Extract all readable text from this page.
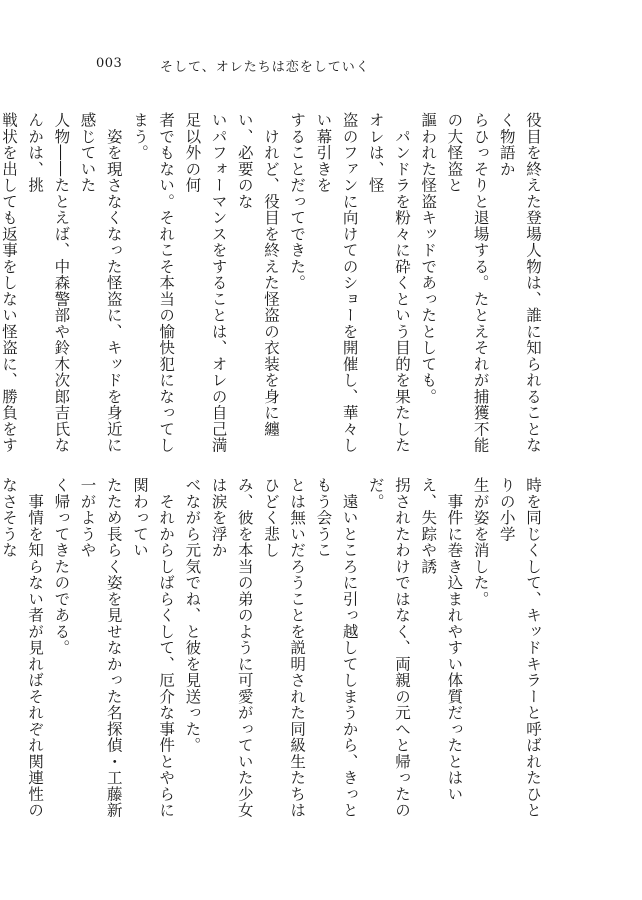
003	そして、オレたちは恋をしていく

役目を終えた登場人物は、誰に知られることなく物語か
らひっそりと退場する。たとえそれが捕獲不能の大怪盗と
謳われた怪盗キッドであったとしても。

　パンドラを粉々に砕くという目的を果たしたオレは、怪
盗のファンに向けてのショーを開催し、華々しい幕引きを
することだってできた。

　けれど、役目を終えた怪盗の衣装を身に纏い、必要のな
いパフォーマンスをすることは、オレの自己満足以外の何
者でもない。それこそ本当の愉快犯になってしまう。

　姿を現さなくなった怪盗に、キッドを身近に感じていた
人物――たとえば、中森警部や鈴木次郎吉氏なんかは、挑
戦状を出しても返事をしない怪盗に、勝負をす

時を同じくして、キッドキラーと呼ばれたひとりの小学
生が姿を消した。

　事件に巻き込まれやすい体質だったとはいえ、失踪や誘
拐されたわけではなく、両親の元へと帰ったのだ。

　遠いところに引っ越してしまうから、きっともう会うこ
とは無いだろうことを説明された同級生たちはひどく悲し
み、彼を本当の弟のように可愛がっていた少女は涙を浮か
べながら元気でね、と彼を見送った。

　それからしばらくして、厄介な事件とやらに関わってい
たため長らく姿を見せなかった名探偵・工藤新一がようや
く帰ってきたのである。

　事情を知らない者が見ればそれぞれ関連性のなさそうな
